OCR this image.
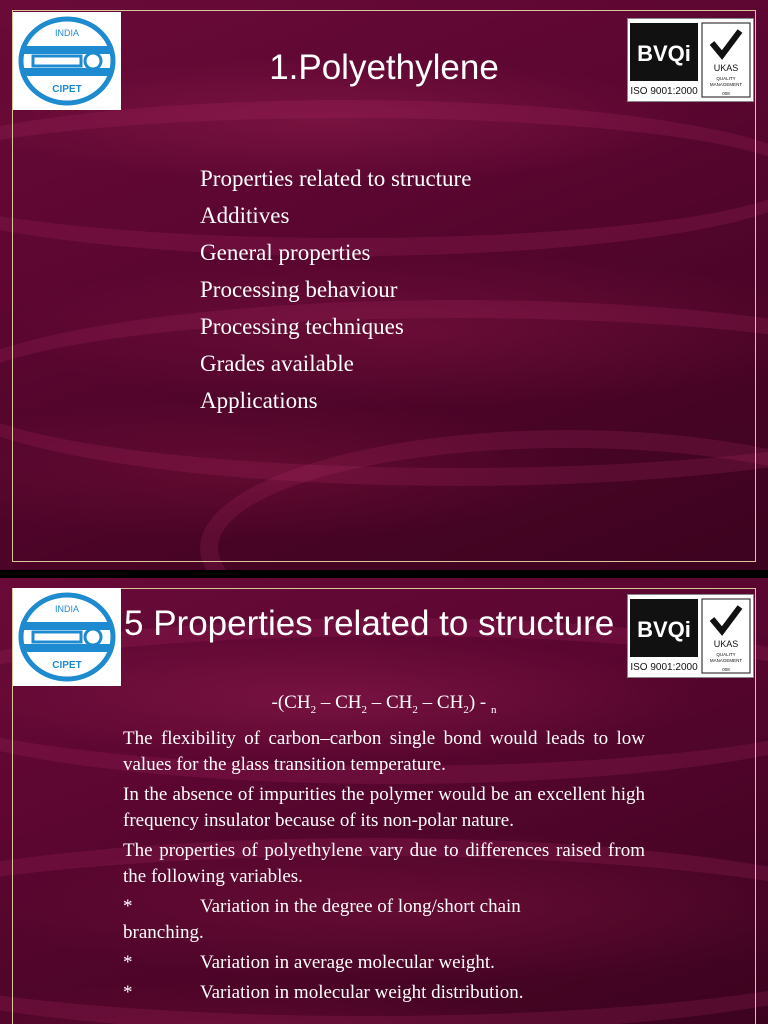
INDIA
CIPET
BVQi
ISO 9001:2000
UKAS
QUALITY
MANAGEMENT
008
1.Polyethylene
Properties related to structure
Additives
General properties
Processing behaviour
Processing techniques
Grades available
Applications
INDIA
CIPET
BVQi
ISO 9001:2000
UKAS
QUALITY
MANAGEMENT
008
5 Properties related to structure
$-(CH_2 - CH_2 - CH_2 - CH_2) - _n$

The flexibility of carbon–carbon single bond would leads to low values for the glass transition temperature.

In the absence of impurities the polymer would be an excellent high frequency insulator because of its non-polar nature.

The properties of polyethylene vary due to differences raised from the following variables.

*	Variation in the degree of long/short chain
branching.
*	Variation in average molecular weight.
*	Variation in molecular weight distribution.
